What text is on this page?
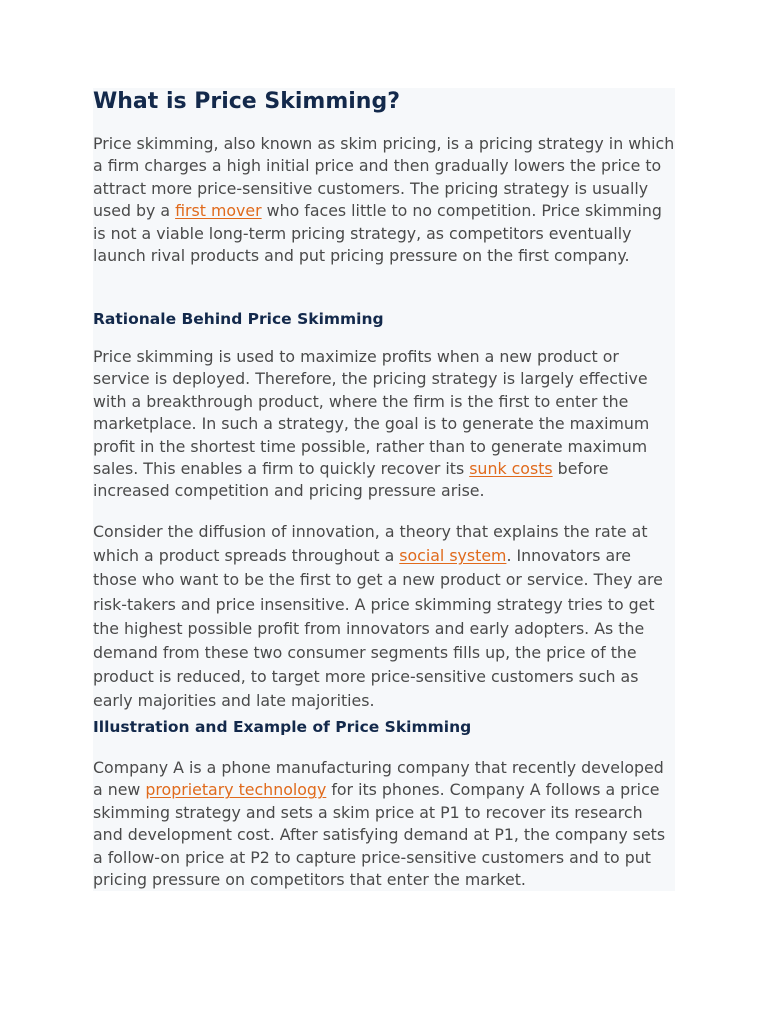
What is Price Skimming?

Price skimming, also known as skim pricing, is a pricing strategy in which a firm charges a high initial price and then gradually lowers the price to attract more price-sensitive customers. The pricing strategy is usually used by a first mover who faces little to no competition. Price skimming is not a viable long-term pricing strategy, as competitors eventually launch rival products and put pricing pressure on the first company.

Rationale Behind Price Skimming

Price skimming is used to maximize profits when a new product or service is deployed. Therefore, the pricing strategy is largely effective with a breakthrough product, where the firm is the first to enter the marketplace. In such a strategy, the goal is to generate the maximum profit in the shortest time possible, rather than to generate maximum sales. This enables a firm to quickly recover its sunk costs before increased competition and pricing pressure arise.

Consider the diffusion of innovation, a theory that explains the rate at which a product spreads throughout a social system. Innovators are those who want to be the first to get a new product or service. They are risk-takers and price insensitive. A price skimming strategy tries to get the highest possible profit from innovators and early adopters. As the demand from these two consumer segments fills up, the price of the product is reduced, to target more price-sensitive customers such as early majorities and late majorities.

Illustration and Example of Price Skimming

Company A is a phone manufacturing company that recently developed a new proprietary technology for its phones. Company A follows a price skimming strategy and sets a skim price at P1 to recover its research and development cost. After satisfying demand at P1, the company sets a follow-on price at P2 to capture price-sensitive customers and to put pricing pressure on competitors that enter the market.
